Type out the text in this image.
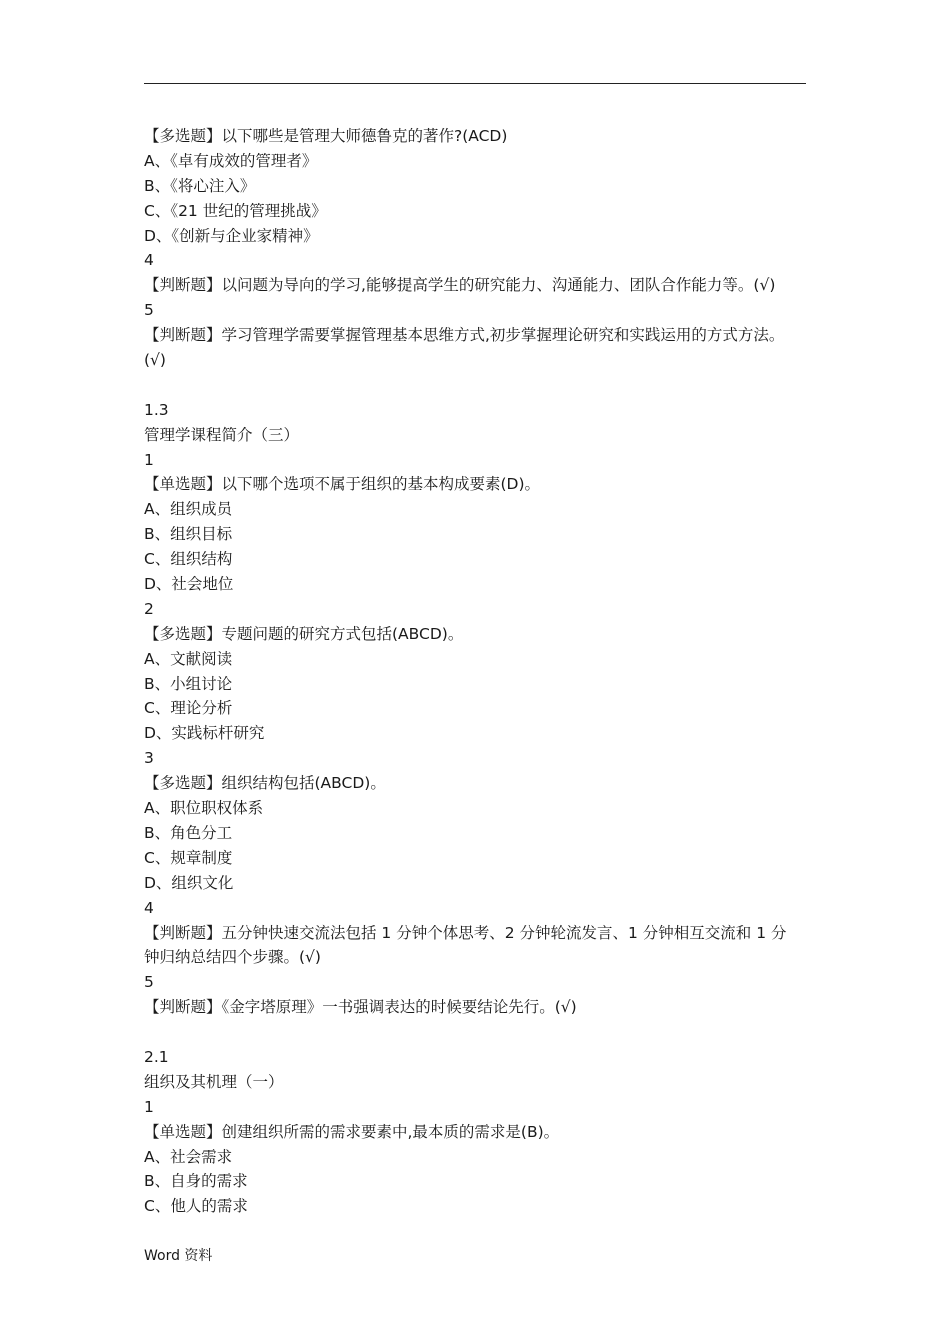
【多选题】以下哪些是管理大师德鲁克的著作?(ACD)
A、《卓有成效的管理者》
B、《将心注入》
C、《21 世纪的管理挑战》
D、《创新与企业家精神》
4
【判断题】以问题为导向的学习,能够提高学生的研究能力、沟通能力、团队合作能力等。(√)
5
【判断题】学习管理学需要掌握管理基本思维方式,初步掌握理论研究和实践运用的方式方法。
(√)
1.3
管理学课程简介（三）
1
【单选题】以下哪个选项不属于组织的基本构成要素(D)。
A、组织成员
B、组织目标
C、组织结构
D、社会地位
2
【多选题】专题问题的研究方式包括(ABCD)。
A、文献阅读
B、小组讨论
C、理论分析
D、实践标杆研究
3
【多选题】组织结构包括(ABCD)。
A、职位职权体系
B、角色分工
C、规章制度
D、组织文化
4
【判断题】五分钟快速交流法包括 1 分钟个体思考、2 分钟轮流发言、1 分钟相互交流和 1 分
钟归纳总结四个步骤。(√)
5
【判断题】《金字塔原理》一书强调表达的时候要结论先行。(√)
2.1
组织及其机理（一）
1
【单选题】创建组织所需的需求要素中,最本质的需求是(B)。
A、社会需求
B、自身的需求
C、他人的需求
Word 资料
